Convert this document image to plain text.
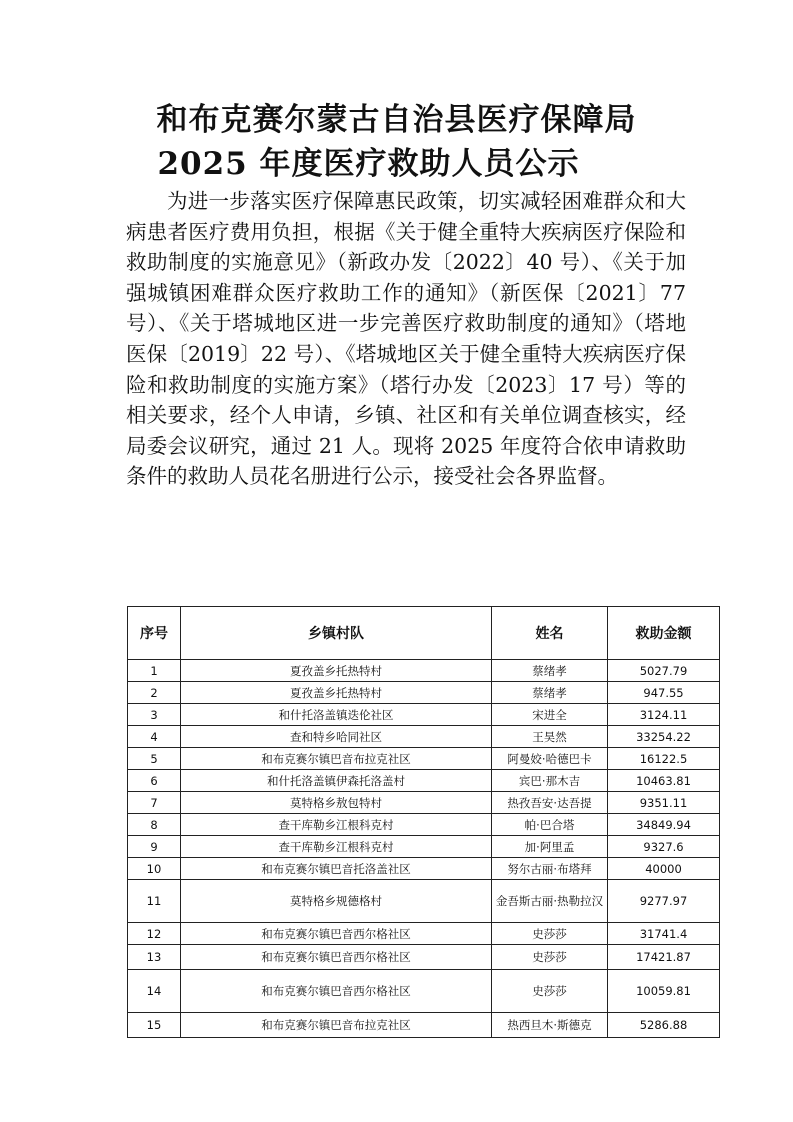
和布克赛尔蒙古自治县医疗保障局
2025 年度医疗救助人员公示

为进一步落实医疗保障惠民政策，切实减轻困难群众和大病患者医疗费用负担，根据《关于健全重特大疾病医疗保险和救助制度的实施意见》（新政办发〔2022〕40 号）、《关于加强城镇困难群众医疗救助工作的通知》（新医保〔2021〕77 号）、《关于塔城地区进一步完善医疗救助制度的通知》（塔地医保〔2019〕22 号）、《塔城地区关于健全重特大疾病医疗保险和救助制度的实施方案》（塔行办发〔2023〕17 号）等的相关要求，经个人申请，乡镇、社区和有关单位调查核实，经局委会议研究，通过 21 人。现将 2025 年度符合依申请救助条件的救助人员花名册进行公示，接受社会各界监督。

序号	乡镇村队	姓名	救助金额
1	夏孜盖乡托热特村	蔡绪孝	5027.79
2	夏孜盖乡托热特村	蔡绪孝	947.55
3	和什托洛盖镇迭伦社区	宋进全	3124.11
4	查和特乡哈同社区	王昊然	33254.22
5	和布克赛尔镇巴音布拉克社区	阿曼姣·哈德巴卡	16122.5
6	和什托洛盖镇伊森托洛盖村	宾巴·那木吉	10463.81
7	莫特格乡敖包特村	热孜吾安·达吾提	9351.11
8	查干库勒乡江根科克村	帕·巴合塔	34849.94
9	查干库勒乡江根科克村	加·阿里孟	9327.6
10	和布克赛尔镇巴音托洛盖社区	努尔古丽·布塔拜	40000
11	莫特格乡规德格村	金吾斯古丽·热勒拉汉	9277.97
12	和布克赛尔镇巴音西尔格社区	史莎莎	31741.4
13	和布克赛尔镇巴音西尔格社区	史莎莎	17421.87
14	和布克赛尔镇巴音西尔格社区	史莎莎	10059.81
15	和布克赛尔镇巴音布拉克社区	热西旦木·斯德克	5286.88
